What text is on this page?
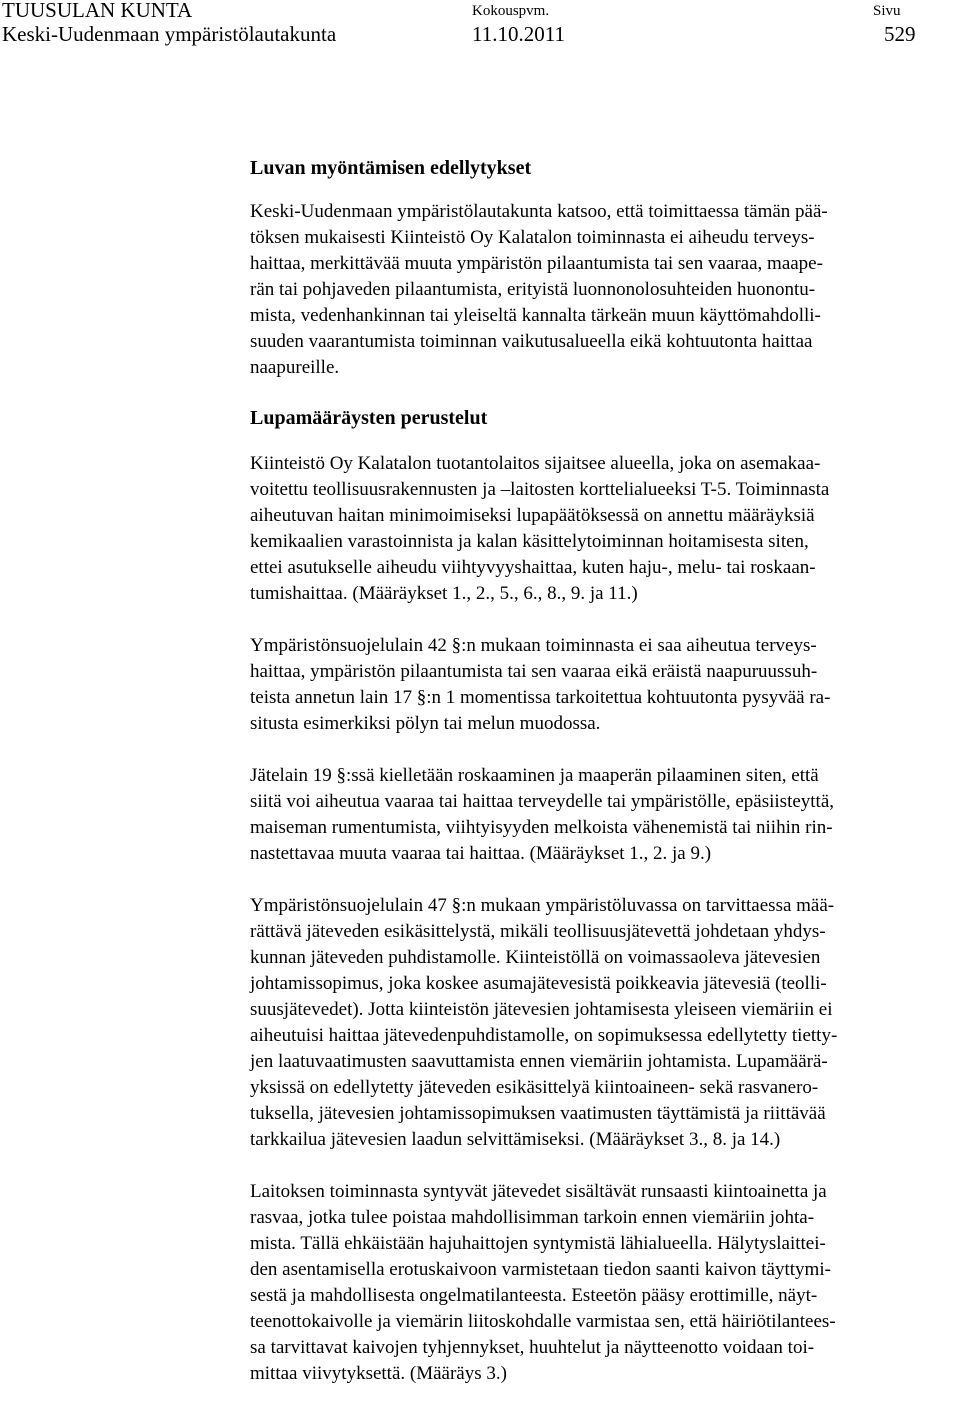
TUUSULAN KUNTA
Keski-Uudenmaan ympäristölautakunta
Kokouspvm.
11.10.2011
Sivu
529
Luvan myöntämisen edellytykset
Keski-Uudenmaan ympäristölautakunta katsoo, että toimittaessa tämän pää-
töksen mukaisesti Kiinteistö Oy Kalatalon toiminnasta ei aiheudu terveys-
haittaa, merkittävää muuta ympäristön pilaantumista tai sen vaaraa, maape-
rän tai pohjaveden pilaantumista, erityistä luonnonolosuhteiden huonontu-
mista, vedenhankinnan tai yleiseltä kannalta tärkeän muun käyttömahdolli-
suuden vaarantumista toiminnan vaikutusalueella eikä kohtuutonta haittaa
naapureille.
Lupamääräysten perustelut
Kiinteistö Oy Kalatalon tuotantolaitos sijaitsee alueella, joka on asemakaa-
voitettu teollisuusrakennusten ja –laitosten korttelialueeksi T-5. Toiminnasta
aiheutuvan haitan minimoimiseksi lupapäätöksessä on annettu määräyksiä
kemikaalien varastoinnista ja kalan käsittelytoiminnan hoitamisesta siten,
ettei asutukselle aiheudu viihtyvyyshaittaa, kuten haju-, melu- tai roskaan-
tumishaittaa. (Määräykset 1., 2., 5., 6., 8., 9. ja 11.)
Ympäristönsuojelulain 42 §:n mukaan toiminnasta ei saa aiheutua terveys-
haittaa, ympäristön pilaantumista tai sen vaaraa eikä eräistä naapuruussuh-
teista annetun lain 17 §:n 1 momentissa tarkoitettua kohtuutonta pysyvää ra-
situsta esimerkiksi pölyn tai melun muodossa.
Jätelain 19 §:ssä kielletään roskaaminen ja maaperän pilaaminen siten, että
siitä voi aiheutua vaaraa tai haittaa terveydelle tai ympäristölle, epäsiisteyttä,
maiseman rumentumista, viihtyisyyden melkoista vähenemistä tai niihin rin-
nastettavaa muuta vaaraa tai haittaa. (Määräykset 1., 2. ja 9.)
Ympäristönsuojelulain 47 §:n mukaan ympäristöluvassa on tarvittaessa mää-
rättävä jäteveden esikäsittelystä, mikäli teollisuusjätevettä johdetaan yhdys-
kunnan jäteveden puhdistamolle. Kiinteistöllä on voimassaoleva jätevesien
johtamissopimus, joka koskee asumajätevesistä poikkeavia jätevesiä (teolli-
suusjätevedet). Jotta kiinteistön jätevesien johtamisesta yleiseen viemäriin ei
aiheutuisi haittaa jätevedenpuhdistamolle, on sopimuksessa edellytetty tietty-
jen laatuvaatimusten saavuttamista ennen viemäriin johtamista. Lupamäärä-
yksissä on edellytetty jäteveden esikäsittelyä kiintoaineen- sekä rasvanero-
tuksella, jätevesien johtamissopimuksen vaatimusten täyttämistä ja riittävää
tarkkailua jätevesien laadun selvittämiseksi. (Määräykset 3., 8. ja 14.)
Laitoksen toiminnasta syntyvät jätevedet sisältävät runsaasti kiintoainetta ja
rasvaa, jotka tulee poistaa mahdollisimman tarkoin ennen viemäriin johta-
mista. Tällä ehkäistään hajuhaittojen syntymistä lähialueella. Hälytyslaittei-
den asentamisella erotuskaivoon varmistetaan tiedon saanti kaivon täyttymi-
sestä ja mahdollisesta ongelmatilanteesta. Esteetön pääsy erottimille, näyt-
teenottokaivolle ja viemärin liitoskohdalle varmistaa sen, että häiriötilantees-
sa tarvittavat kaivojen tyhjennykset, huuhtelut ja näytteenotto voidaan toi-
mittaa viivytyksettä. (Määräys 3.)
